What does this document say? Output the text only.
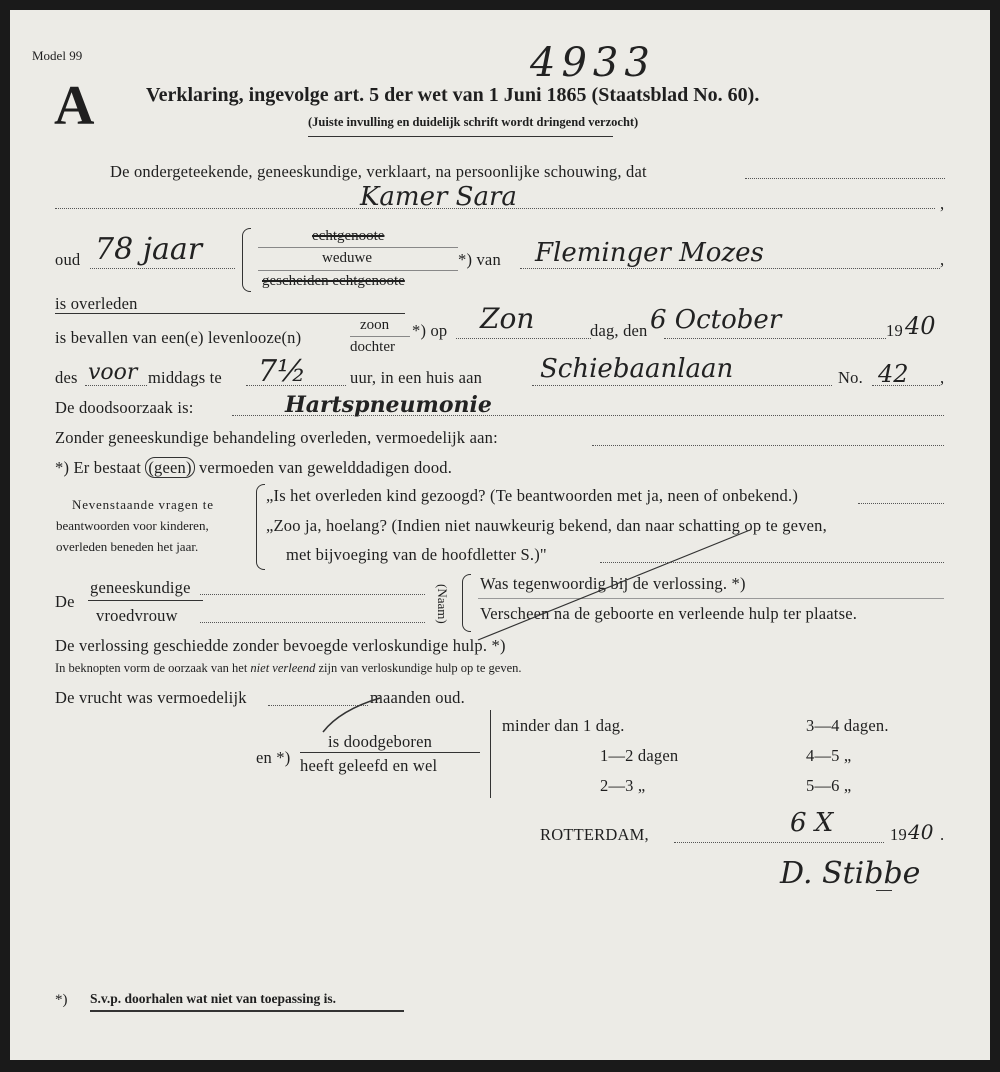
Model 99
A
4933
Verklaring, ingevolge art. 5 der wet van 1 Juni 1865 (Staatsblad No. 60).
(Juiste invulling en duidelijk schrift wordt dringend verzocht)
De ondergeteekende, geneeskundige, verklaart, na persoonlijke schouwing, dat
Kamer Sara	,
oud 78 jaar	echtgenoote
weduwe
gescheiden echtgenoote
*) van Fleminger Mozes	,
is overleden
is bevallen van een(e) levenlooze(n)
zoon
dochter
*) op Zon	dag, den 6 October	19 40
des voor middags te 7½	uur, in een huis aan Schiebaanlaan	No. 42 ,
De doodsoorzaak is:	Hartspneumonie
Zonder geneeskundige behandeling overleden, vermoedelijk aan:
*) Er bestaat (geen) vermoeden van gewelddadigen dood.
Nevenstaande vragen te
beantwoorden voor kinderen,
overleden beneden het jaar.
„Is het overleden kind gezoogd? (Te beantwoorden met ja, neen of onbekend.)
„Zoo ja, hoelang? (Indien niet nauwkeurig bekend, dan naar schatting op te geven,
met bijvoeging van de hoofdletter S.)"
De
geneeskundige
vroedvrouw	(Naam)
Was tegenwoordig bij de verlossing. *)
Verscheen na de geboorte en verleende hulp ter plaatse.
De verlossing geschiedde zonder bevoegde verloskundige hulp. *)
In beknopten vorm de oorzaak van het niet verleend zijn van verloskundige hulp op te geven.
De vrucht was vermoedelijk	maanden oud.
en *)
is doodgeboren
heeft geleefd en wel
minder dan 1 dag.
1—2 dagen
2—3 „
3—4 dagen.
4—5 „
5—6 „
ROTTERDAM,	6 X	19 40 .
D. Stibbe
*) S.v.p. doorhalen wat niet van toepassing is.
